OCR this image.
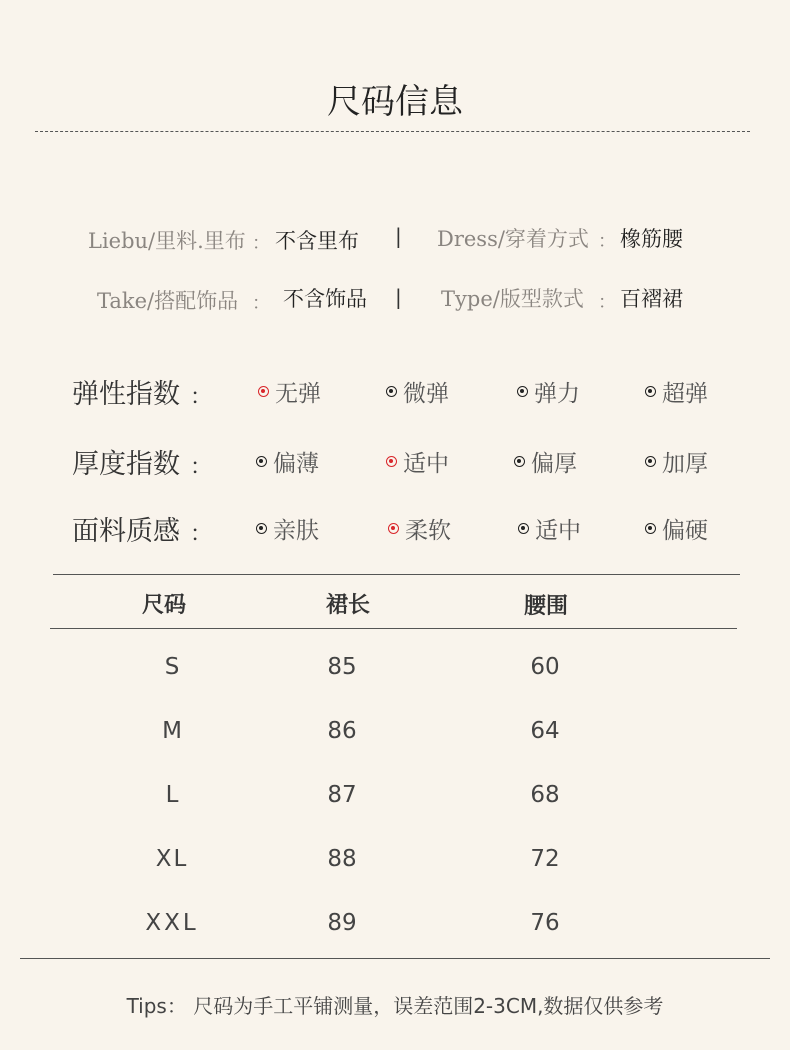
尺码信息
Liebu/里料.里布 ： 不含里布 | Dress/穿着方式 ： 橡筋腰
Take/搭配饰品 ： 不含饰品 | Type/版型款式 ： 百褶裙
弹性指数 ：	无弹	微弹	弹力	超弹
厚度指数 ：	偏薄	适中	偏厚	加厚
面料质感 ：	亲肤	柔软	适中	偏硬
尺码	裙长	腰围
S	85	60
M	86	64
L	87	68
XL	88	72
XXL	89	76
Tips： 尺码为手工平铺测量，误差范围2-3CM,数据仅供参考
